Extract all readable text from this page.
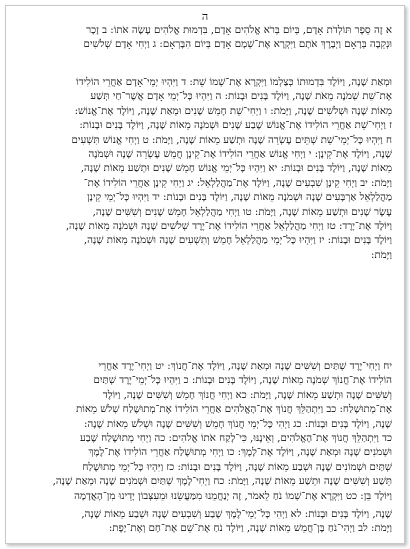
ה
א זֶה סֵפֶר תּוֹלְדֹת אָדָם, בְּיוֹם בְּרֹא אֱלֹהִים אָדָם, בִּדְמוּת אֱלֹהִים עָשָׂה אֹתוֹ: ב זָכָר
וּנְקֵבָה בְּרָאָם וַיְבָרֶךְ אֹתָם וַיִּקְרָא אֶת־שְׁמָם אָדָם בְּיוֹם הִבָּרְאָם: ג וַיְחִי אָדָם שְׁלֹשִׁים
וּמְאַת שָׁנָה, וַיּוֹלֶד בִּדְמוּתוֹ כְּצַלְמוֹ וַיִּקְרָא אֶת־שְׁמוֹ שֵׁת: ד וַיִּהְיוּ יְמֵי־אָדָם אַחֲרֵי הוֹלִידוֹ
אֶת־שֵׁת שְׁמֹנֶה מֵאֹת שָׁנָה, וַיּוֹלֶד בָּנִים וּבָנוֹת: ה וַיִּהְיוּ כָּל־יְמֵי אָדָם אֲשֶׁר־חַי תְּשַׁע
מֵאוֹת שָׁנָה וּשְׁלֹשִׁים שָׁנָה, וַיָּמֹת: ו וַיְחִי־שֵׁת חָמֵשׁ שָׁנִים וּמְאַת שָׁנָה, וַיּוֹלֶד אֶת־אֱנוֹשׁ:
ז וַיְחִי־שֵׁת אַחֲרֵי הוֹלִידוֹ אֶת־אֱנוֹשׁ שֶׁבַע שָׁנִים וּשְׁמֹנֶה מֵאוֹת שָׁנָה, וַיּוֹלֶד בָּנִים וּבָנוֹת:
ח וַיִּהְיוּ כָּל־יְמֵי־שֵׁת שְׁתֵּים עֶשְׂרֵה שָׁנָה וּתְשַׁע מֵאוֹת שָׁנָה, וַיָּמֹת: ט וַיְחִי אֱנוֹשׁ תִּשְׁעִים
שָׁנָה, וַיּוֹלֶד אֶת־קֵינָן: י וַיְחִי אֱנוֹשׁ אַחֲרֵי הוֹלִידוֹ אֶת־קֵינָן חֲמֵשׁ עֶשְׂרֵה שָׁנָה וּשְׁמֹנֶה
מֵאוֹת שָׁנָה, וַיּוֹלֶד בָּנִים וּבָנוֹת: יא וַיִּהְיוּ כָּל־יְמֵי אֱנוֹשׁ חָמֵשׁ שָׁנִים וּתְשַׁע מֵאוֹת שָׁנָה,
וַיָּמֹת: יב וַיְחִי קֵינָן שִׁבְעִים שָׁנָה, וַיּוֹלֶד אֶת־מַהֲלַלְאֵל: יג וַיְחִי קֵינָן אַחֲרֵי הוֹלִידוֹ אֶת־
מַהֲלַלְאֵל אַרְבָּעִים שָׁנָה וּשְׁמֹנֶה מֵאוֹת שָׁנָה, וַיּוֹלֶד בָּנִים וּבָנוֹת: יד וַיִּהְיוּ כָּל־יְמֵי קֵינָן
עֶשֶׂר שָׁנִים וּתְשַׁע מֵאוֹת שָׁנָה, וַיָּמֹת: טו וַיְחִי מַהֲלַלְאֵל חָמֵשׁ שָׁנִים וְשִׁשִּׁים שָׁנָה,
וַיּוֹלֶד אֶת־יָרֶד: טז וַיְחִי מַהֲלַלְאֵל אַחֲרֵי הוֹלִידוֹ אֶת־יֶרֶד שְׁלֹשִׁים שָׁנָה וּשְׁמֹנֶה מֵאוֹת שָׁנָה,
וַיּוֹלֶד בָּנִים וּבָנוֹת: יז וַיִּהְיוּ כָּל־יְמֵי מַהֲלַלְאֵל חָמֵשׁ וְתִשְׁעִים שָׁנָה וּשְׁמֹנֶה מֵאוֹת שָׁנָה,
וַיָּמֹת:
יח וַיְחִי־יֶרֶד שְׁתַּיִם וְשִׁשִּׁים שָׁנָה וּמְאַת שָׁנָה, וַיּוֹלֶד אֶת־חֲנוֹךְ: יט וַיְחִי־יֶרֶד אַחֲרֵי
הוֹלִידוֹ אֶת־חֲנוֹךְ שְׁמֹנֶה מֵאוֹת שָׁנָה, וַיּוֹלֶד בָּנִים וּבָנוֹת: כ וַיִּהְיוּ כָּל־יְמֵי־יֶרֶד שְׁתַּיִם
וְשִׁשִּׁים שָׁנָה וּתְשַׁע מֵאוֹת שָׁנָה, וַיָּמֹת: כא וַיְחִי חֲנוֹךְ חָמֵשׁ וְשִׁשִּׁים שָׁנָה, וַיּוֹלֶד
אֶת־מְתוּשָׁלַח: כב וַיִּתְהַלֵּךְ חֲנוֹךְ אֶת־הָאֱלֹהִים אַחֲרֵי הוֹלִידוֹ אֶת־מְתוּשֶׁלַח שְׁלֹשׁ מֵאוֹת
שָׁנָה, וַיּוֹלֶד בָּנִים וּבָנוֹת: כג וַיְהִי כָּל־יְמֵי חֲנוֹךְ חָמֵשׁ וְשִׁשִּׁים שָׁנָה וּשְׁלֹשׁ מֵאוֹת שָׁנָה:
כד וַיִּתְהַלֵּךְ חֲנוֹךְ אֶת־הָאֱלֹהִים, וְאֵינֶנּוּ, כִּי־לָקַח אֹתוֹ אֱלֹהִים: כה וַיְחִי מְתוּשֶׁלַח שֶׁבַע
וּשְׁמֹנִים שָׁנָה וּמְאַת שָׁנָה, וַיּוֹלֶד אֶת־לָמֶךְ: כו וַיְחִי מְתוּשֶׁלַח אַחֲרֵי הוֹלִידוֹ אֶת־לֶמֶךְ
שְׁתַּיִם וּשְׁמוֹנִים שָׁנָה וּשְׁבַע מֵאוֹת שָׁנָה, וַיּוֹלֶד בָּנִים וּבָנוֹת: כז וַיִּהְיוּ כָּל־יְמֵי מְתוּשֶׁלַח
תֵּשַׁע וְשִׁשִּׁים שָׁנָה וּתְשַׁע מֵאוֹת שָׁנָה, וַיָּמֹת: כח וַיְחִי־לֶמֶךְ שְׁתַּיִם וּשְׁמֹנִים שָׁנָה וּמְאַת שָׁנָה,
וַיּוֹלֶד בֵּן: כט וַיִּקְרָא אֶת־שְׁמוֹ נֹחַ לֵאמֹר, זֶה יְנַחֲמֵנוּ מִמַּעֲשֵׂנוּ וּמֵעִצְּבוֹן יָדֵינוּ מִן־הָאֲדָמָה
שָׁנָה, וַיּוֹלֶד בָּנִים וּבָנוֹת: לא וַיְהִי כָּל־יְמֵי־לֶמֶךְ שֶׁבַע וְשִׁבְעִים שָׁנָה וּשְׁבַע מֵאוֹת שָׁנָה,
וַיָּמֹת: לב וַיְהִי־נֹחַ בֶּן־חֲמֵשׁ מֵאוֹת שָׁנָה, וַיּוֹלֶד נֹחַ אֶת־שֵׁם אֶת־חָם וְאֶת־יָפֶת:
